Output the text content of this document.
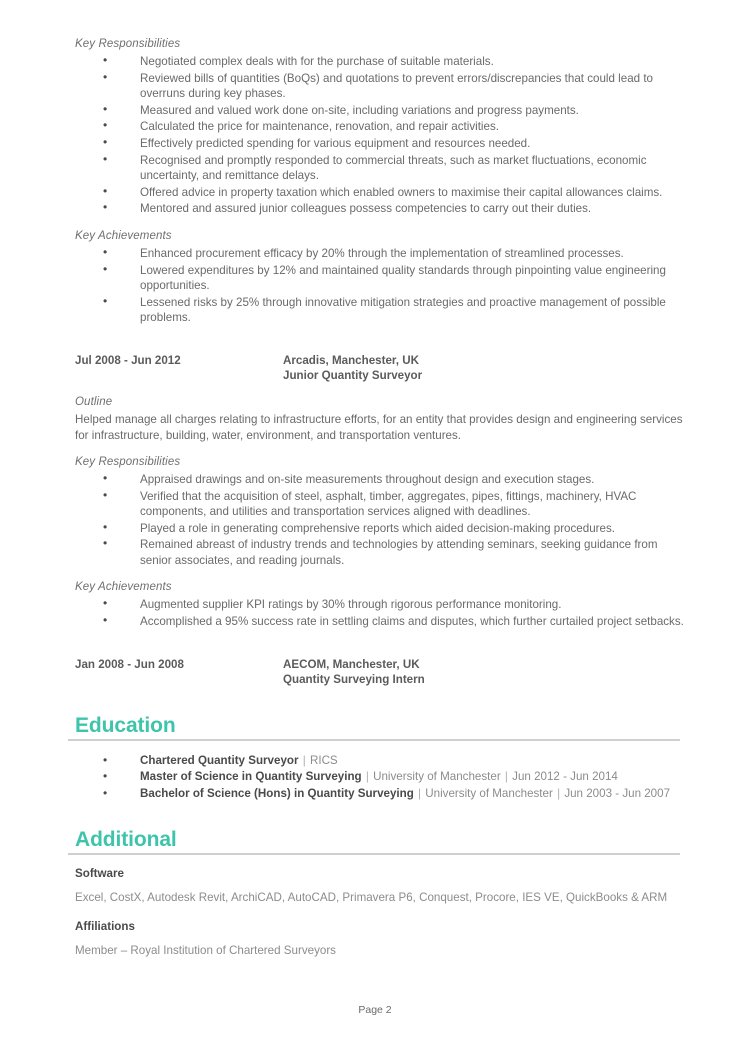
Key Responsibilities
• Negotiated complex deals with for the purchase of suitable materials.
• Reviewed bills of quantities (BoQs) and quotations to prevent errors/discrepancies that could lead to overruns during key phases.
• Measured and valued work done on-site, including variations and progress payments.
• Calculated the price for maintenance, renovation, and repair activities.
• Effectively predicted spending for various equipment and resources needed.
• Recognised and promptly responded to commercial threats, such as market fluctuations, economic uncertainty, and remittance delays.
• Offered advice in property taxation which enabled owners to maximise their capital allowances claims.
• Mentored and assured junior colleagues possess competencies to carry out their duties.
Key Achievements
• Enhanced procurement efficacy by 20% through the implementation of streamlined processes.
• Lowered expenditures by 12% and maintained quality standards through pinpointing value engineering opportunities.
• Lessened risks by 25% through innovative mitigation strategies and proactive management of possible problems.
Jul 2008 - Jun 2012	Arcadis, Manchester, UK
Junior Quantity Surveyor
Outline

Helped manage all charges relating to infrastructure efforts, for an entity that provides design and engineering services for infrastructure, building, water, environment, and transportation ventures.

Key Responsibilities
• Appraised drawings and on-site measurements throughout design and execution stages.
• Verified that the acquisition of steel, asphalt, timber, aggregates, pipes, fittings, machinery, HVAC components, and utilities and transportation services aligned with deadlines.
• Played a role in generating comprehensive reports which aided decision-making procedures.
• Remained abreast of industry trends and technologies by attending seminars, seeking guidance from senior associates, and reading journals.
Key Achievements
• Augmented supplier KPI ratings by 30% through rigorous performance monitoring.
• Accomplished a 95% success rate in settling claims and disputes, which further curtailed project setbacks.
Jan 2008 - Jun 2008	AECOM, Manchester, UK
Quantity Surveying Intern
Education
• Chartered Quantity Surveyor | RICS
• Master of Science in Quantity Surveying | University of Manchester | Jun 2012 - Jun 2014
• Bachelor of Science (Hons) in Quantity Surveying | University of Manchester | Jun 2003 - Jun 2007
Additional
Software
Excel, CostX, Autodesk Revit, ArchiCAD, AutoCAD, Primavera P6, Conquest, Procore, IES VE, QuickBooks & ARM
Affiliations
Member – Royal Institution of Chartered Surveyors
Page 2
